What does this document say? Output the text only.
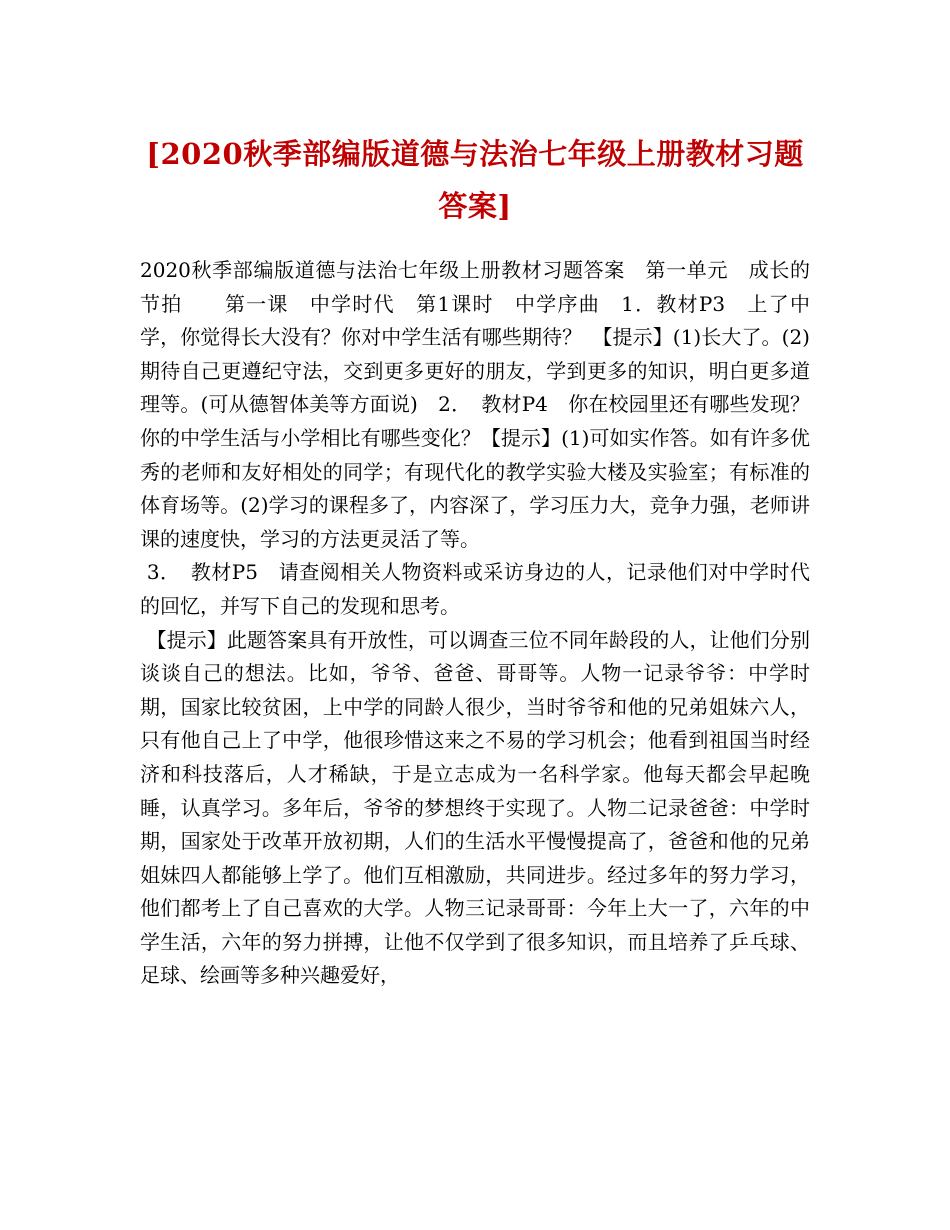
[2020秋季部编版道德与法治七年级上册教材习题答案]

2020秋季部编版道德与法治七年级上册教材习题答案　第一单元　成长的节拍　　第一课　中学时代　第1课时　中学序曲　1．教材P3　上了中学，你觉得长大没有？你对中学生活有哪些期待？　【提示】(1)长大了。(2)期待自己更遵纪守法，交到更多更好的朋友，学到更多的知识，明白更多道理等。(可从德智体美等方面说)　2．　教材P4　你在校园里还有哪些发现？你的中学生活与小学相比有哪些变化？【提示】(1)可如实作答。如有许多优秀的老师和友好相处的同学；有现代化的教学实验大楼及实验室；有标准的体育场等。(2)学习的课程多了，内容深了，学习压力大，竞争力强，老师讲课的速度快，学习的方法更灵活了等。

3．　教材P5　请查阅相关人物资料或采访身边的人，记录他们对中学时代的回忆，并写下自己的发现和思考。

【提示】此题答案具有开放性，可以调查三位不同年龄段的人，让他们分别谈谈自己的想法。比如，爷爷、爸爸、哥哥等。人物一记录爷爷：中学时期，国家比较贫困，上中学的同龄人很少，当时爷爷和他的兄弟姐妹六人，只有他自己上了中学，他很珍惜这来之不易的学习机会；他看到祖国当时经济和科技落后，人才稀缺，于是立志成为一名科学家。他每天都会早起晚睡，认真学习。多年后，爷爷的梦想终于实现了。人物二记录爸爸：中学时期，国家处于改革开放初期，人们的生活水平慢慢提高了，爸爸和他的兄弟姐妹四人都能够上学了。他们互相激励，共同进步。经过多年的努力学习，他们都考上了自己喜欢的大学。人物三记录哥哥：今年上大一了，六年的中学生活，六年的努力拼搏，让他不仅学到了很多知识，而且培养了乒乓球、足球、绘画等多种兴趣爱好，
